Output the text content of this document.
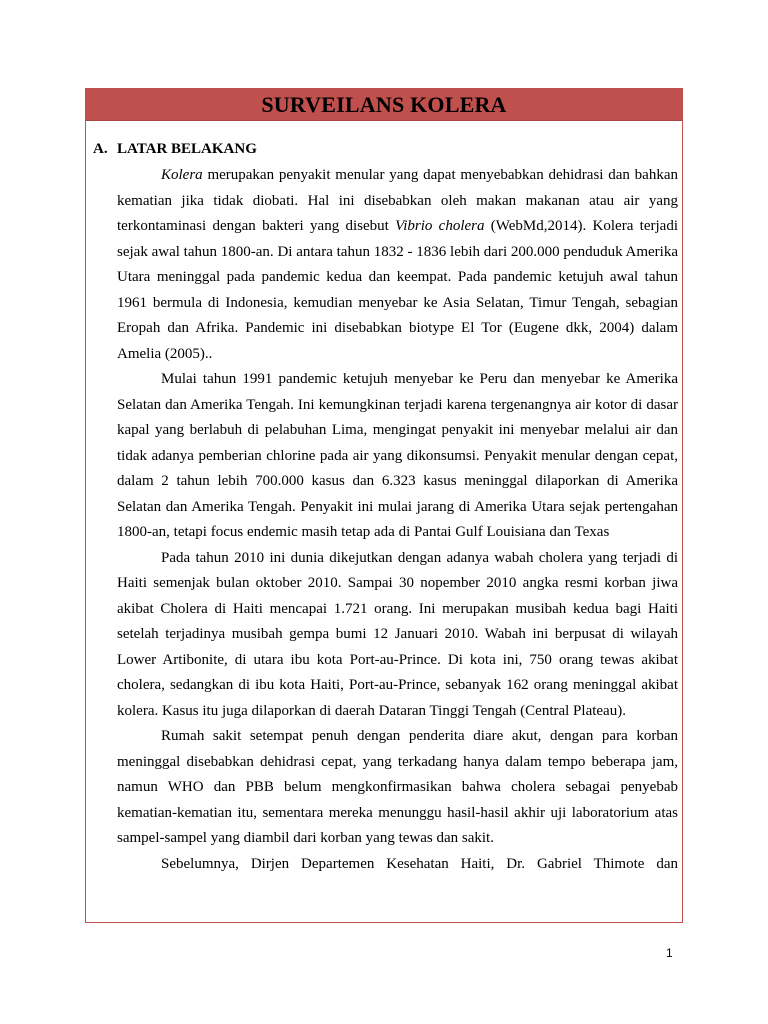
SURVEILANS KOLERA
A. LATAR BELAKANG

Kolera merupakan penyakit menular yang dapat menyebabkan dehidrasi dan bahkan kematian jika tidak diobati. Hal ini disebabkan oleh makan makanan atau air yang terkontaminasi dengan bakteri yang disebut Vibrio cholera (WebMd,2014). Kolera terjadi sejak awal tahun 1800-an. Di antara tahun 1832 - 1836 lebih dari 200.000 penduduk Amerika Utara meninggal pada pandemic kedua dan keempat. Pada pandemic ketujuh awal tahun 1961 bermula di Indonesia, kemudian menyebar ke Asia Selatan, Timur Tengah, sebagian Eropah dan Afrika. Pandemic ini disebabkan biotype El Tor (Eugene dkk, 2004) dalam Amelia (2005)..

Mulai tahun 1991 pandemic ketujuh menyebar ke Peru dan menyebar ke Amerika Selatan dan Amerika Tengah. Ini kemungkinan terjadi karena tergenangnya air kotor di dasar kapal yang berlabuh di pelabuhan Lima, mengingat penyakit ini menyebar melalui air dan tidak adanya pemberian chlorine pada air yang dikonsumsi. Penyakit menular dengan cepat, dalam 2 tahun lebih 700.000 kasus dan 6.323 kasus meninggal dilaporkan di Amerika Selatan dan Amerika Tengah. Penyakit ini mulai jarang di Amerika Utara sejak pertengahan 1800-an, tetapi focus endemic masih tetap ada di Pantai Gulf Louisiana dan Texas

Pada tahun 2010 ini dunia dikejutkan dengan adanya wabah cholera yang terjadi di Haiti semenjak bulan oktober 2010. Sampai 30 nopember 2010 angka resmi korban jiwa akibat Cholera di Haiti mencapai 1.721 orang. Ini merupakan musibah kedua bagi Haiti setelah terjadinya musibah gempa bumi 12 Januari 2010. Wabah ini berpusat di wilayah Lower Artibonite, di utara ibu kota Port-au-Prince. Di kota ini, 750 orang tewas akibat cholera, sedangkan di ibu kota Haiti, Port-au-Prince, sebanyak 162 orang meninggal akibat kolera. Kasus itu juga dilaporkan di daerah Dataran Tinggi Tengah (Central Plateau).

Rumah sakit setempat penuh dengan penderita diare akut, dengan para korban meninggal disebabkan dehidrasi cepat, yang terkadang hanya dalam tempo beberapa jam, namun WHO dan PBB belum mengkonfirmasikan bahwa cholera sebagai penyebab kematian-kematian itu, sementara mereka menunggu hasil-hasil akhir uji laboratorium atas sampel-sampel yang diambil dari korban yang tewas dan sakit.

Sebelumnya, Dirjen Departemen Kesehatan Haiti, Dr. Gabriel Thimote dan

1
